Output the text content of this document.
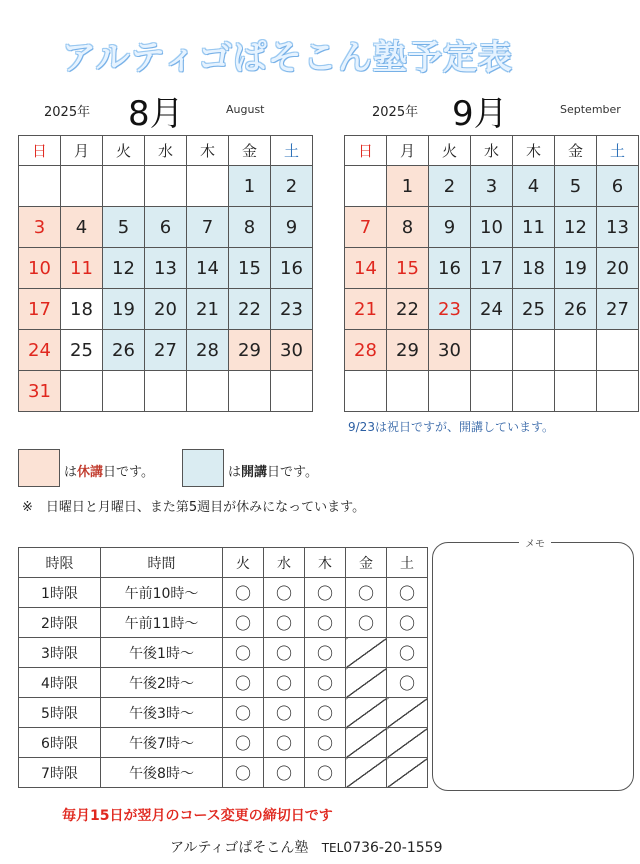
アルティゴぱそこん塾予定表
2025年 8月	August	2025年 9月	September
日	月	火	水	木	金	土
					1	2
3	4	5	6	7	8	9
10	11	12	13	14	15	16
17	18	19	20	21	22	23
24	25	26	27	28	29	30
31						
日	月	火	水	木	金	土
	1	2	3	4	5	6
7	8	9	10	11	12	13
14	15	16	17	18	19	20
21	22	23	24	25	26	27
28	29	30				

9/23は祝日ですが、開講しています。
は休講日です。	は開講日です。
※　日曜日と月曜日、また第5週目が休みになっています。
時限	時間	火	水	木	金	土
1時限	午前10時～	〇	〇	〇	〇	〇
2時限	午前11時～	〇	〇	〇	〇	〇
3時限	午後1時～	〇	〇	〇		〇
4時限	午後2時～	〇	〇	〇		〇
5時限	午後3時～	〇	〇	〇		
6時限	午後7時～	〇	〇	〇		
7時限	午後8時～	〇	〇	〇		
メモ
毎月15日が翌月のコース変更の締切日です
アルティゴぱそこん塾 TEL0736-20-1559
